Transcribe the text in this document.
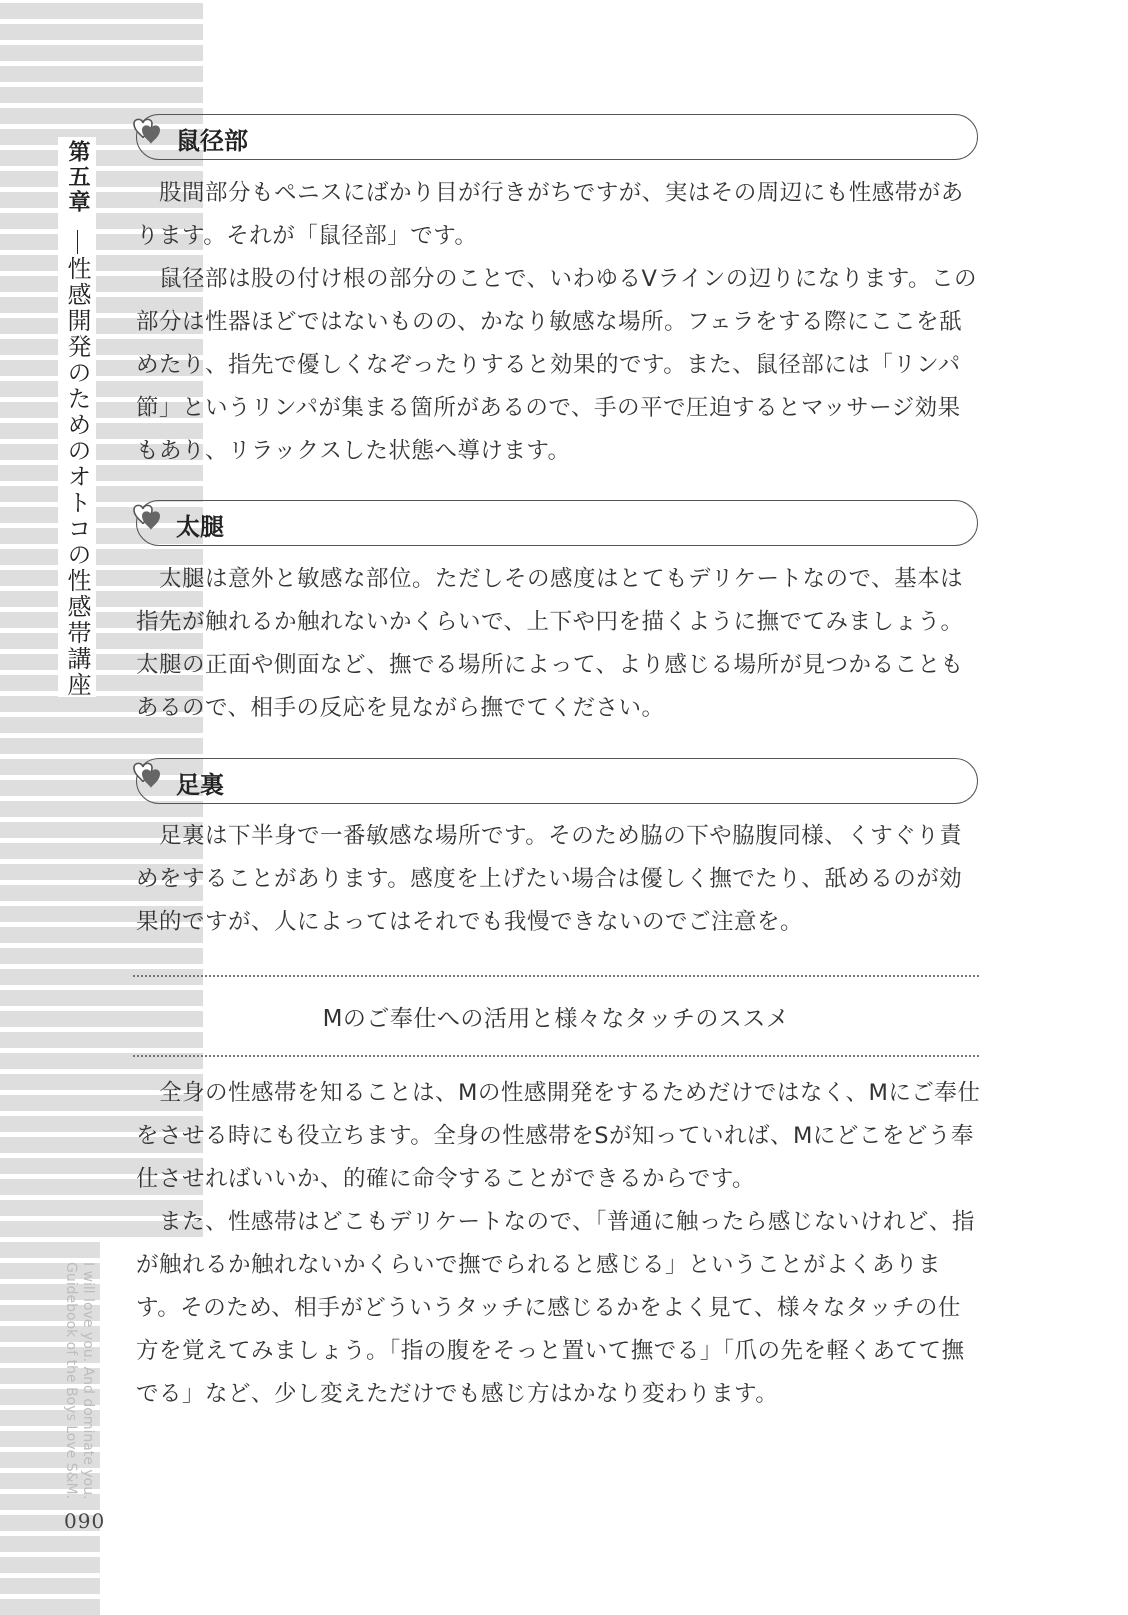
第五章
性感開発のためのオトコの性感帯講座
I will love you. And dominate you.
Guidebook of the Boys Love S&M.
090
鼠径部
股間部分もペニスにばかり目が行きがちですが、実はその周辺にも性感帯があります。それが「鼠径部」です。
鼠径部は股の付け根の部分のことで、いわゆるVラインの辺りになります。この部分は性器ほどではないものの、かなり敏感な場所。フェラをする際にここを舐めたり、指先で優しくなぞったりすると効果的です。また、鼠径部には「リンパ節」というリンパが集まる箇所があるので、手の平で圧迫するとマッサージ効果もあり、リラックスした状態へ導けます。
太腿
太腿は意外と敏感な部位。ただしその感度はとてもデリケートなので、基本は指先が触れるか触れないかくらいで、上下や円を描くように撫でてみましょう。太腿の正面や側面など、撫でる場所によって、より感じる場所が見つかることもあるので、相手の反応を見ながら撫でてください。
足裏
足裏は下半身で一番敏感な場所です。そのため脇の下や脇腹同様、くすぐり責めをすることがあります。感度を上げたい場合は優しく撫でたり、舐めるのが効果的ですが、人によってはそれでも我慢できないのでご注意を。
Mのご奉仕への活用と様々なタッチのススメ
全身の性感帯を知ることは、Mの性感開発をするためだけではなく、Mにご奉仕をさせる時にも役立ちます。全身の性感帯をSが知っていれば、Mにどこをどう奉仕させればいいか、的確に命令することができるからです。
また、性感帯はどこもデリケートなので、「普通に触ったら感じないけれど、指が触れるか触れないかくらいで撫でられると感じる」ということがよくあります。そのため、相手がどういうタッチに感じるかをよく見て、様々なタッチの仕方を覚えてみましょう。「指の腹をそっと置いて撫でる」「爪の先を軽くあてて撫でる」など、少し変えただけでも感じ方はかなり変わります。
